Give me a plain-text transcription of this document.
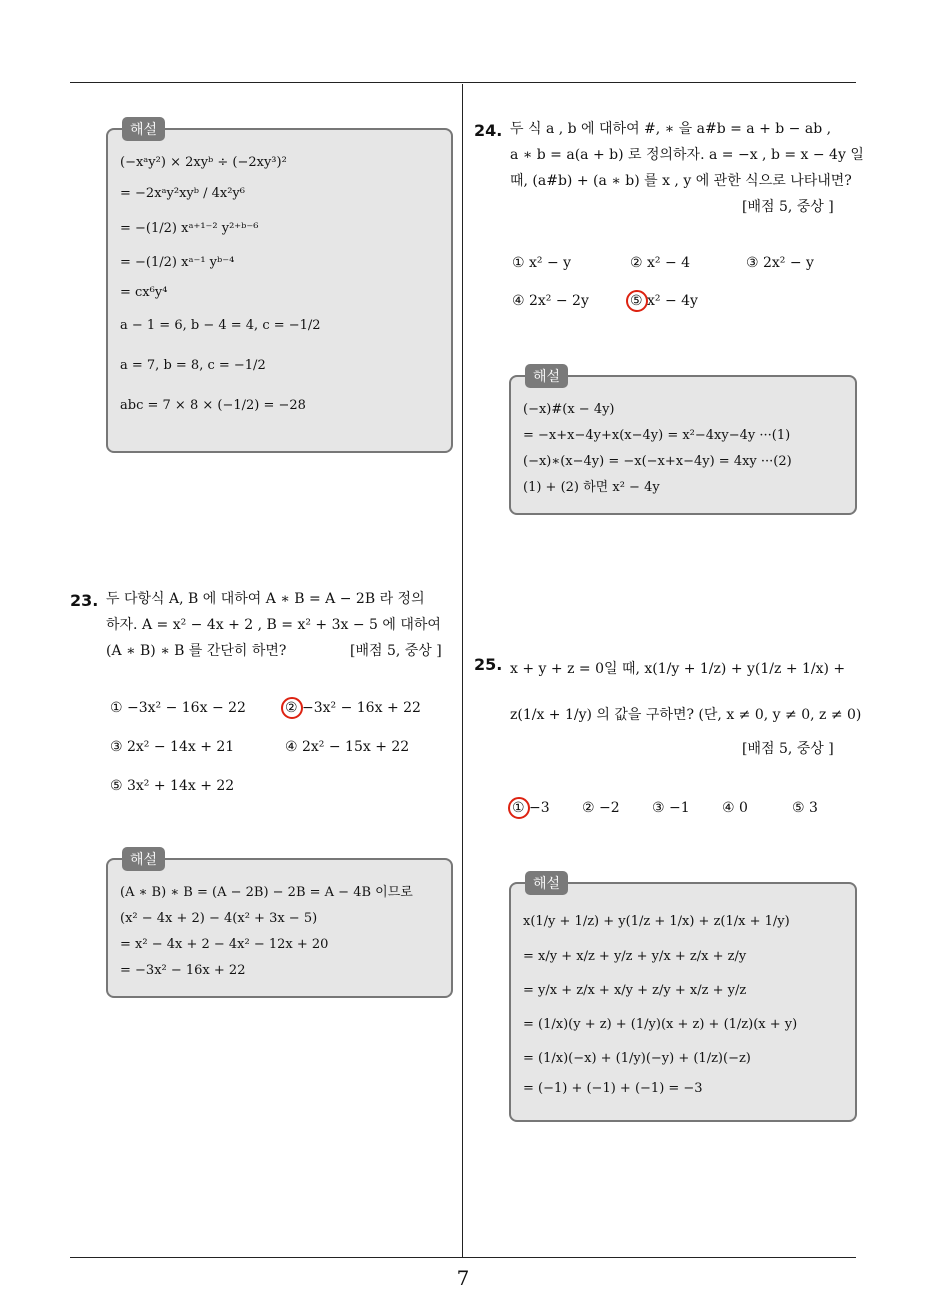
7
해설
(−xᵃy²) × 2xyᵇ ÷ (−2xy³)²
= −2xᵃy²xyᵇ / 4x²y⁶
= −(1/2) xᵃ⁺¹⁻² y²⁺ᵇ⁻⁶
= −(1/2) xᵃ⁻¹ yᵇ⁻⁴
= cx⁶y⁴
a − 1 = 6, b − 4 = 4, c = −1/2
a = 7, b = 8, c = −1/2
abc = 7 × 8 × (−1/2) = −28
23. 두 다항식 A, B 에 대하여 A ∗ B = A − 2B 라 정의
하자. A = x² − 4x + 2 , B = x² + 3x − 5 에 대하여
(A ∗ B) ∗ B 를 간단히 하면?	[배점 5, 중상 ]
① −3x² − 16x − 22	② −3x² − 16x + 22
③ 2x² − 14x + 21	④ 2x² − 15x + 22
⑤ 3x² + 14x + 22
해설
(A ∗ B) ∗ B = (A − 2B) − 2B = A − 4B 이므로
(x² − 4x + 2) − 4(x² + 3x − 5)
= x² − 4x + 2 − 4x² − 12x + 20
= −3x² − 16x + 22
24. 두 식 a , b 에 대하여 #, ∗ 을 a#b = a + b − ab ,
a ∗ b = a(a + b) 로 정의하자. a = −x , b = x − 4y 일
때, (a#b) + (a ∗ b) 를 x , y 에 관한 식으로 나타내면?
[배점 5, 중상 ]
① x² − y	② x² − 4	③ 2x² − y
④ 2x² − 2y	⑤ x² − 4y
해설
(−x)#(x − 4y)
= −x+x−4y+x(x−4y) = x²−4xy−4y ···(1)
(−x)∗(x−4y) = −x(−x+x−4y) = 4xy ···(2)
(1) + (2) 하면 x² − 4y
25. x + y + z = 0일 때, x(1/y + 1/z) + y(1/z + 1/x) +
z(1/x + 1/y) 의 값을 구하면? (단, x ≠ 0, y ≠ 0, z ≠ 0)
[배점 5, 중상 ]
① −3 ② −2 ③ −1 ④ 0	⑤ 3
해설
x(1/y + 1/z) + y(1/z + 1/x) + z(1/x + 1/y)
= x/y + x/z + y/z + y/x + z/x + z/y
= y/x + z/x + x/y + z/y + x/z + y/z
= (1/x)(y + z) + (1/y)(x + z) + (1/z)(x + y)
= (1/x)(−x) + (1/y)(−y) + (1/z)(−z)
= (−1) + (−1) + (−1) = −3
